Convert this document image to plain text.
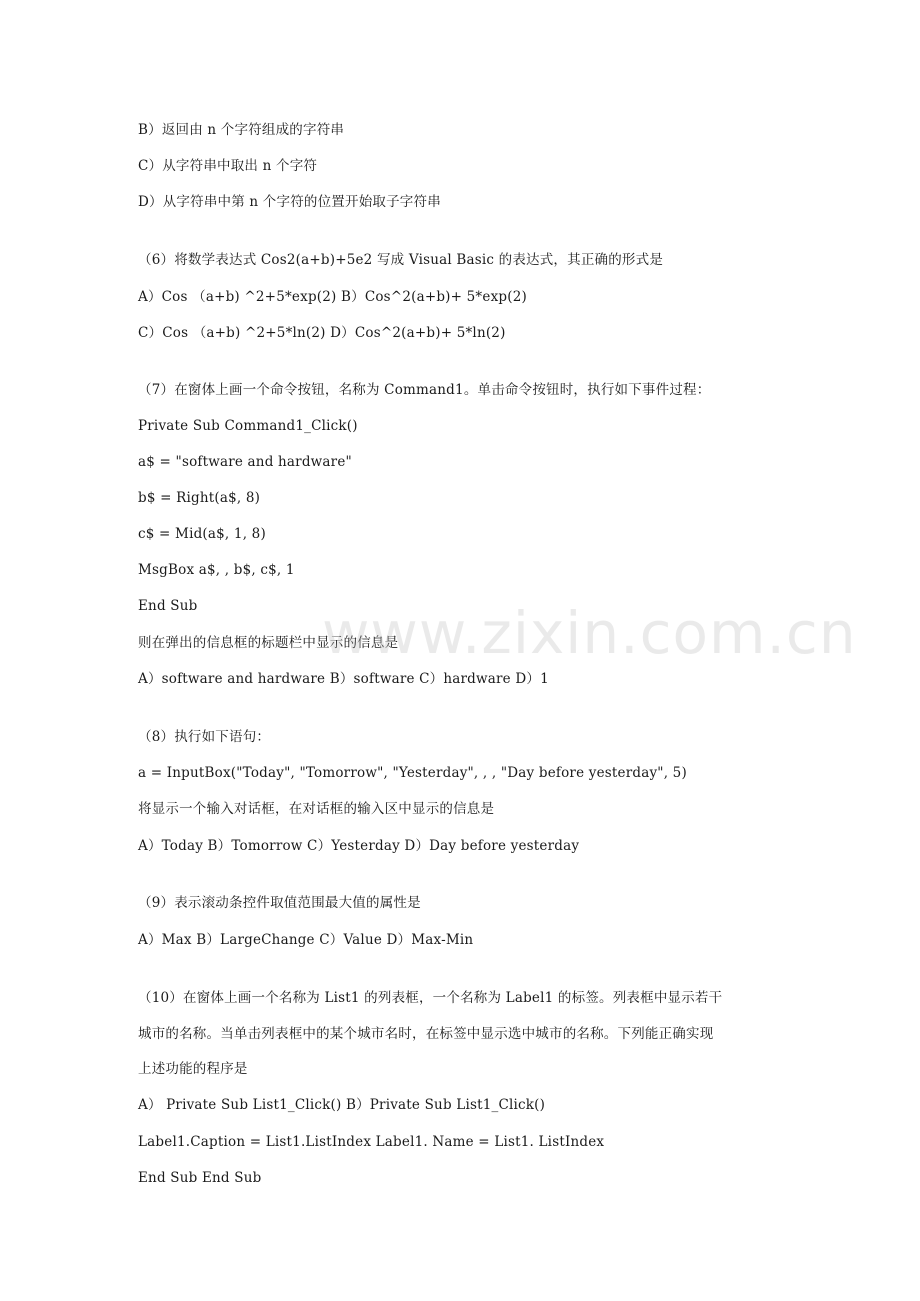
B）返回由 n 个字符组成的字符串
C）从字符串中取出 n 个字符
D）从字符串中第 n 个字符的位置开始取子字符串
（6）将数学表达式 Cos2(a+b)+5e2 写成 Visual Basic 的表达式，其正确的形式是
A）Cos （a+b) ^2+5*exp(2) B）Cos^2(a+b)+ 5*exp(2)
C）Cos （a+b) ^2+5*ln(2) D）Cos^2(a+b)+ 5*ln(2)
（7）在窗体上画一个命令按钮，名称为 Command1。单击命令按钮时，执行如下事件过程：
Private Sub Command1_Click()
a$ = "software and hardware"
b$ = Right(a$, 8)
c$ = Mid(a$, 1, 8)
MsgBox a$, , b$, c$, 1
End Sub
则在弹出的信息框的标题栏中显示的信息是
A）software and hardware B）software C）hardware D）1
（8）执行如下语句：
a = InputBox("Today", "Tomorrow", "Yesterday", , , "Day before yesterday", 5)
将显示一个输入对话框，在对话框的输入区中显示的信息是
A）Today B）Tomorrow C）Yesterday D）Day before yesterday
（9）表示滚动条控件取值范围最大值的属性是
A）Max B）LargeChange C）Value D）Max-Min
（10）在窗体上画一个名称为 List1 的列表框，一个名称为 Label1 的标签。列表框中显示若干
城市的名称。当单击列表框中的某个城市名时，在标签中显示选中城市的名称。下列能正确实现
上述功能的程序是
A） Private Sub List1_Click() B）Private Sub List1_Click()
Label1.Caption = List1.ListIndex Label1. Name = List1. ListIndex
End Sub End Sub
www.zixin.com.cn
